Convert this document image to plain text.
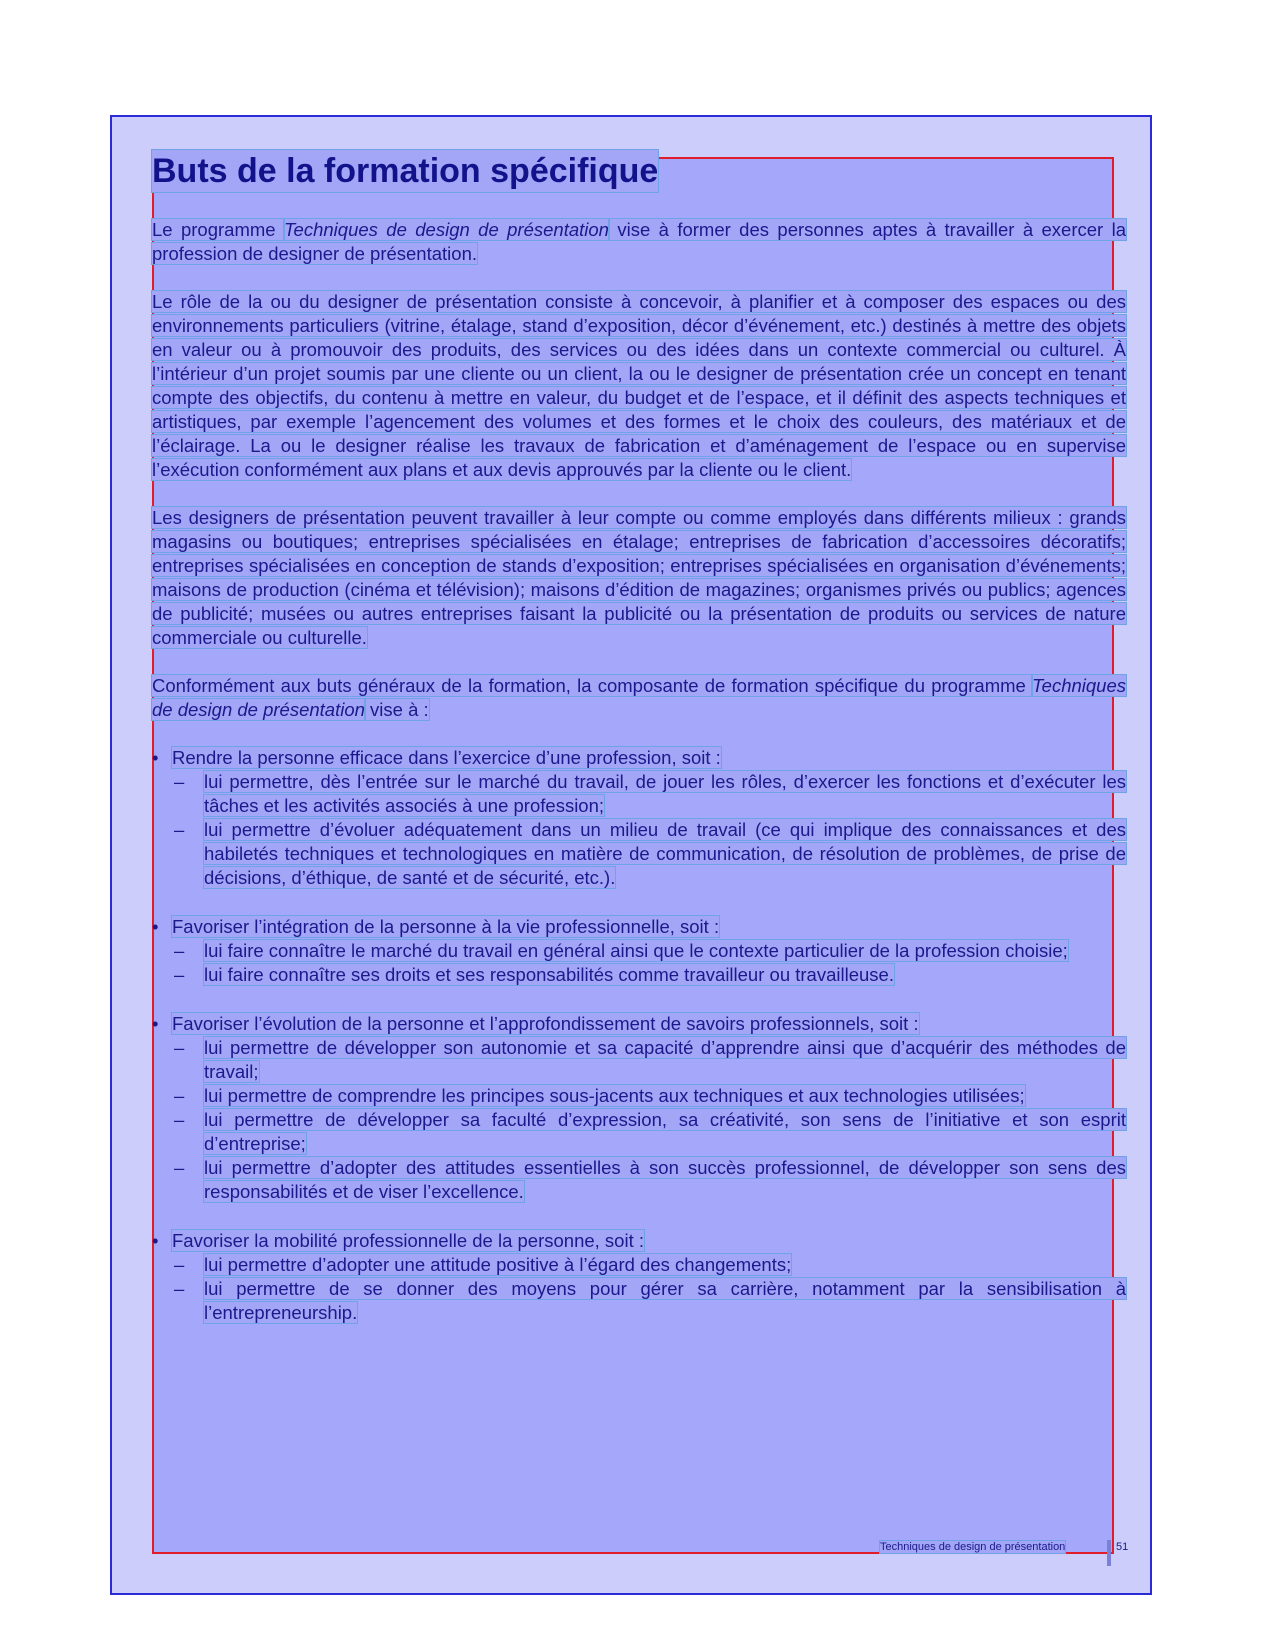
Buts de la formation spécifique

Le programme Techniques de design de présentation vise à former des personnes aptes à travailler à exercer la profession de designer de présentation.

Le rôle de la ou du designer de présentation consiste à concevoir, à planifier et à composer des espaces ou des environnements particuliers (vitrine, étalage, stand d’exposition, décor d’événement, etc.) destinés à mettre des objets en valeur ou à promouvoir des produits, des services ou des idées dans un contexte commercial ou culturel. À l’intérieur d’un projet soumis par une cliente ou un client, la ou le designer de présentation crée un concept en tenant compte des objectifs, du contenu à mettre en valeur, du budget et de l’espace, et il définit des aspects techniques et artistiques, par exemple l’agencement des volumes et des formes et le choix des couleurs, des matériaux et de l’éclairage. La ou le designer réalise les travaux de fabrication et d’aménagement de l’espace ou en supervise l’exécution conformément aux plans et aux devis approuvés par la cliente ou le client.

Les designers de présentation peuvent travailler à leur compte ou comme employés dans différents milieux : grands magasins ou boutiques; entreprises spécialisées en étalage; entreprises de fabrication d’accessoires décoratifs; entreprises spécialisées en conception de stands d’exposition; entreprises spécialisées en organisation d’événements; maisons de production (cinéma et télévision); maisons d’édition de magazines; organismes privés ou publics; agences de publicité; musées ou autres entreprises faisant la publicité ou la présentation de produits ou services de nature commerciale ou culturelle.

Conformément aux buts généraux de la formation, la composante de formation spécifique du programme Techniques de design de présentation vise à :

• Rendre la personne efficace dans l’exercice d’une profession, soit :
– lui permettre, dès l’entrée sur le marché du travail, de jouer les rôles, d’exercer les fonctions et d’exécuter les tâches et les activités associés à une profession;
– lui permettre d’évoluer adéquatement dans un milieu de travail (ce qui implique des connaissances et des habiletés techniques et technologiques en matière de communication, de résolution de problèmes, de prise de décisions, d’éthique, de santé et de sécurité, etc.).
• Favoriser l’intégration de la personne à la vie professionnelle, soit :
– lui faire connaître le marché du travail en général ainsi que le contexte particulier de la profession choisie;
– lui faire connaître ses droits et ses responsabilités comme travailleur ou travailleuse.
• Favoriser l’évolution de la personne et l’approfondissement de savoirs professionnels, soit :
– lui permettre de développer son autonomie et sa capacité d’apprendre ainsi que d’acquérir des méthodes de travail;
– lui permettre de comprendre les principes sous-jacents aux techniques et aux technologies utilisées;
– lui permettre de développer sa faculté d’expression, sa créativité, son sens de l’initiative et son esprit d’entreprise;
– lui permettre d’adopter des attitudes essentielles à son succès professionnel, de développer son sens des responsabilités et de viser l’excellence.
• Favoriser la mobilité professionnelle de la personne, soit :
– lui permettre d’adopter une attitude positive à l’égard des changements;
– lui permettre de se donner des moyens pour gérer sa carrière, notamment par la sensibilisation à l’entrepreneurship.
Techniques de design de présentation	51
